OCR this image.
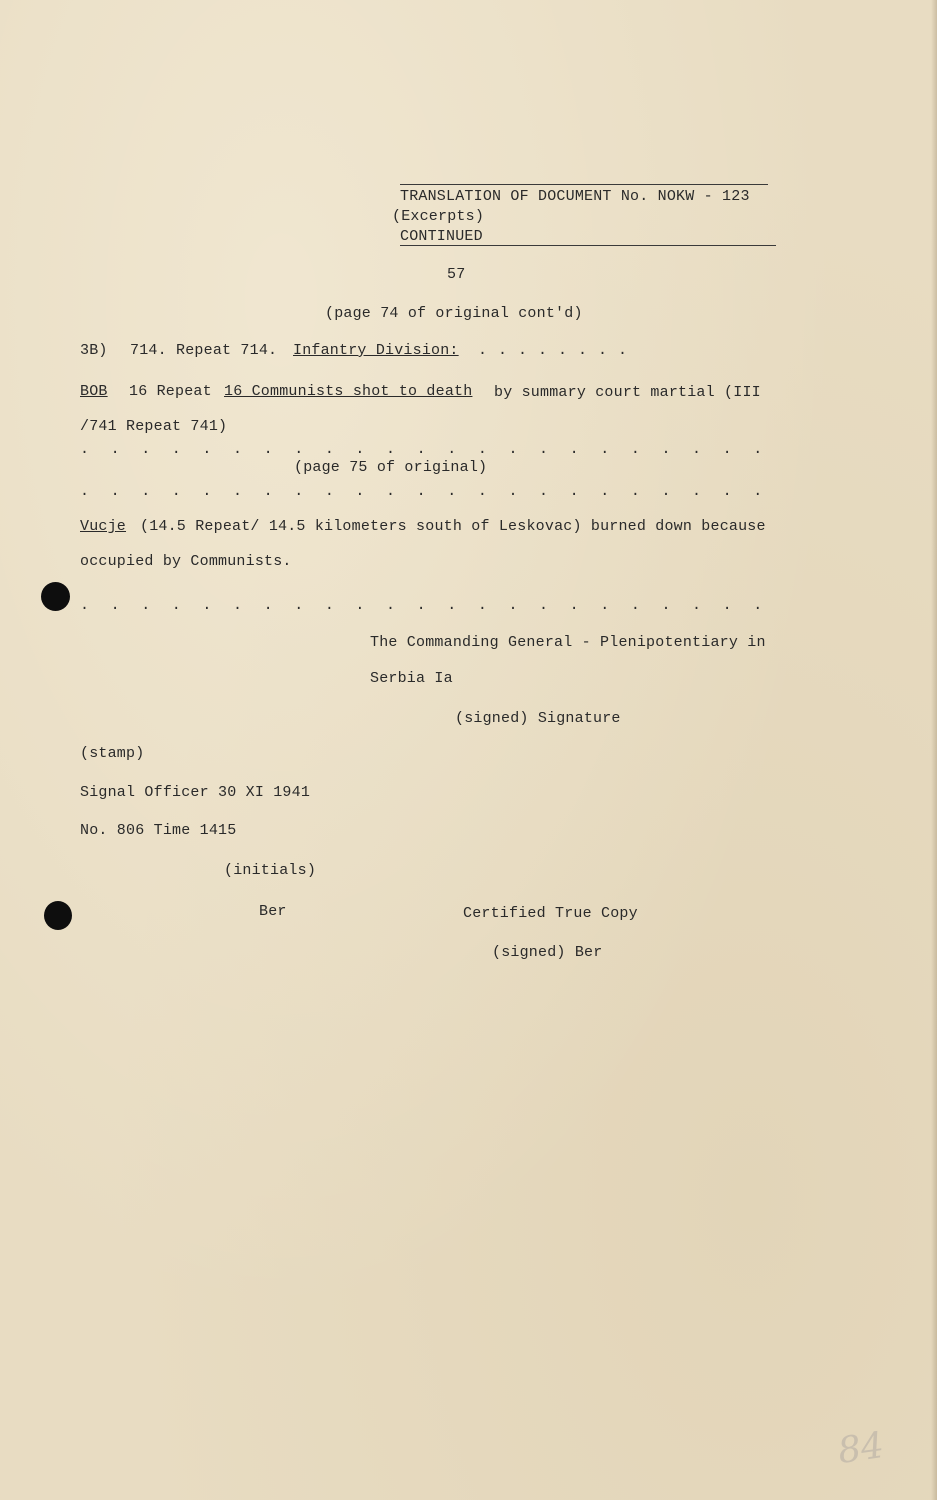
TRANSLATION OF DOCUMENT No. NOKW - 123
(Excerpts)
CONTINUED
57
(page 74 of original cont'd)
3B) 714. Repeat 714. Infantry Division: . . . . . . . .
BOB 16 Repeat 16 Communists shot to death by summary court martial (III
/741 Repeat 741)
. . . . . . . . . . . . . . . . . . . . . . .
(page 75 of original)
. . . . . . . . . . . . . . . . . . . . . . .
Vucje (14.5 Repeat/ 14.5 kilometers south of Leskovac) burned down because
occupied by Communists.
. . . . . . . . . . . . . . . . . . . . . . .
The Commanding General - Plenipotentiary in
Serbia Ia
(signed) Signature
(stamp)
Signal Officer 30 XI 1941
No. 806 Time 1415
(initials)
Ber	Certified True Copy
(signed) Ber
84
